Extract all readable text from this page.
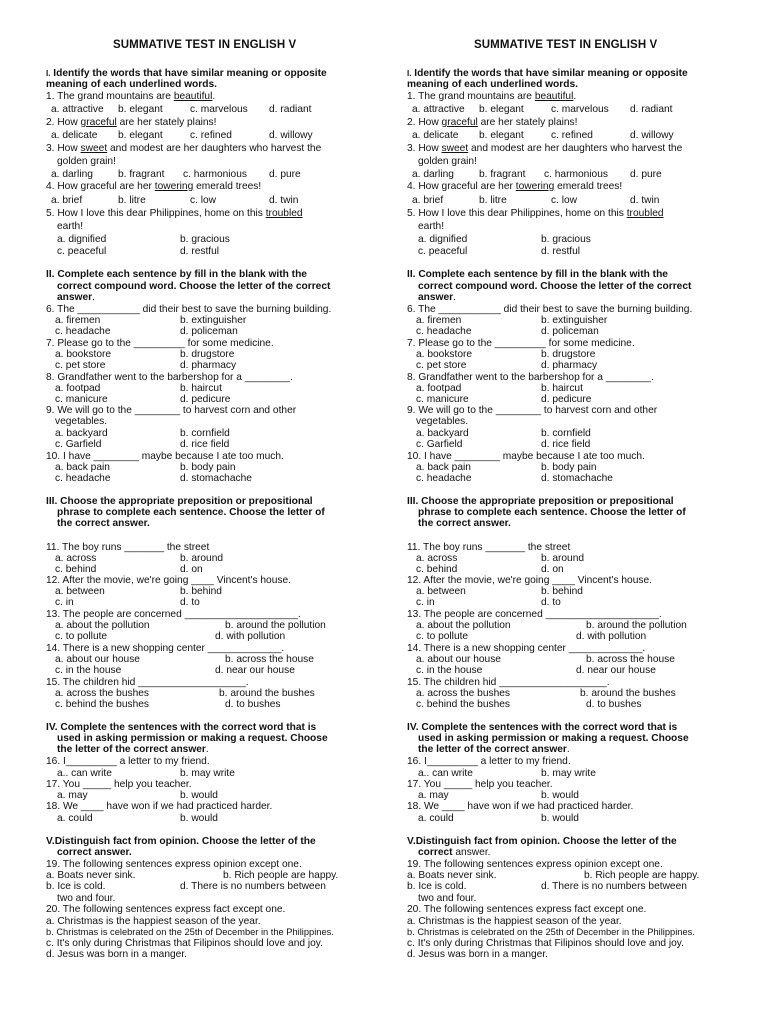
SUMMATIVE TEST IN ENGLISH V
I. Identify the words that have similar meaning or opposite
meaning of each underlined words.
1. The grand mountains are beautiful.
a. attractive b. elegant	c. marvelous d. radiant
2. How graceful are her stately plains!
a. delicate b. elegant	c. refined	d. willowy
3. How sweet and modest are her daughters who harvest the
golden grain!
a. darling b. fragrant c. harmonious d. pure
4. How graceful are her towering emerald trees!
a. brief	b. litre	c. low	d. twin
5. How I love this dear Philippines, home on this troubled
earth!
a. dignified	b. gracious
c. peaceful	d. restful
II. Complete each sentence by fill in the blank with the
correct compound word. Choose the letter of the correct
answer.
6. The ___________ did their best to save the burning building.
a. firemen	b. extinguisher
c. headache	d. policeman
7. Please go to the _________ for some medicine.
a. bookstore	b. drugstore
c. pet store	d. pharmacy
8. Grandfather went to the barbershop for a ________.
a. footpad	b. haircut
c. manicure	d. pedicure
9. We will go to the ________ to harvest corn and other
vegetables.
a. backyard	b. cornfield
c. Garfield	d. rice field
10. I have ________ maybe because I ate too much.
a. back pain	b. body pain
c. headache	d. stomachache
III. Choose the appropriate preposition or prepositional
phrase to complete each sentence. Choose the letter of
the correct answer.
11. The boy runs _______ the street
a. across	b. around
c. behind	d. on
12. After the movie, we're going ____ Vincent's house.
a. between	b. behind
c. in	d. to
13. The people are concerned ____________________.
a. about the pollution	b. around the pollution
c. to pollute	d. with pollution
14. There is a new shopping center _____________.
a. about our house	b. across the house
c. in the house	d. near our house
15. The children hid ___________________.
a. across the bushes	b. around the bushes
c. behind the bushes	d. to bushes
IV. Complete the sentences with the correct word that is
used in asking permission or making a request. Choose
the letter of the correct answer.
16. I_________ a letter to my friend.
a.. can write	b. may write
17. You _____ help you teacher.
a. may	b. would
18. We ____ have won if we had practiced harder.
a. could	b. would
V.Distinguish fact from opinion. Choose the letter of the
correct answer.
19. The following sentences express opinion except one.
a. Boats never sink.	b. Rich people are happy.
b. Ice is cold.	d. There is no numbers between
two and four.
20. The following sentences express fact except one.
a. Christmas is the happiest season of the year.
b. Christmas is celebrated on the 25th of December in the Philippines.
c. It's only during Christmas that Filipinos should love and joy.
d. Jesus was born in a manger.
SUMMATIVE TEST IN ENGLISH V
I. Identify the words that have similar meaning or opposite
meaning of each underlined words.
1. The grand mountains are beautiful.
a. attractive b. elegant	c. marvelous d. radiant
2. How graceful are her stately plains!
a. delicate b. elegant	c. refined	d. willowy
3. How sweet and modest are her daughters who harvest the
golden grain!
a. darling b. fragrant c. harmonious d. pure
4. How graceful are her towering emerald trees!
a. brief	b. litre	c. low	d. twin
5. How I love this dear Philippines, home on this troubled
earth!
a. dignified	b. gracious
c. peaceful	d. restful
II. Complete each sentence by fill in the blank with the
correct compound word. Choose the letter of the correct
answer.
6. The ___________ did their best to save the burning building.
a. firemen	b. extinguisher
c. headache	d. policeman
7. Please go to the _________ for some medicine.
a. bookstore	b. drugstore
c. pet store	d. pharmacy
8. Grandfather went to the barbershop for a ________.
a. footpad	b. haircut
c. manicure	d. pedicure
9. We will go to the ________ to harvest corn and other
vegetables.
a. backyard	b. cornfield
c. Garfield	d. rice field
10. I have ________ maybe because I ate too much.
a. back pain	b. body pain
c. headache	d. stomachache
III. Choose the appropriate preposition or prepositional
phrase to complete each sentence. Choose the letter of
the correct answer.
11. The boy runs _______ the street
a. across	b. around
c. behind	d. on
12. After the movie, we're going ____ Vincent's house.
a. between	b. behind
c. in	d. to
13. The people are concerned ____________________.
a. about the pollution	b. around the pollution
c. to pollute	d. with pollution
14. There is a new shopping center _____________.
a. about our house	b. across the house
c. in the house	d. near our house
15. The children hid ___________________.
a. across the bushes	b. around the bushes
c. behind the bushes	d. to bushes
IV. Complete the sentences with the correct word that is
used in asking permission or making a request. Choose
the letter of the correct answer.
16. I_________ a letter to my friend.
a.. can write	b. may write
17. You _____ help you teacher.
a. may	b. would
18. We ____ have won if we had practiced harder.
a. could	b. would
V.Distinguish fact from opinion. Choose the letter of the
correct answer.
19. The following sentences express opinion except one.
a. Boats never sink.	b. Rich people are happy.
b. Ice is cold.	d. There is no numbers between
two and four.
20. The following sentences express fact except one.
a. Christmas is the happiest season of the year.
b. Christmas is celebrated on the 25th of December in the Philippines.
c. It's only during Christmas that Filipinos should love and joy.
d. Jesus was born in a manger.
